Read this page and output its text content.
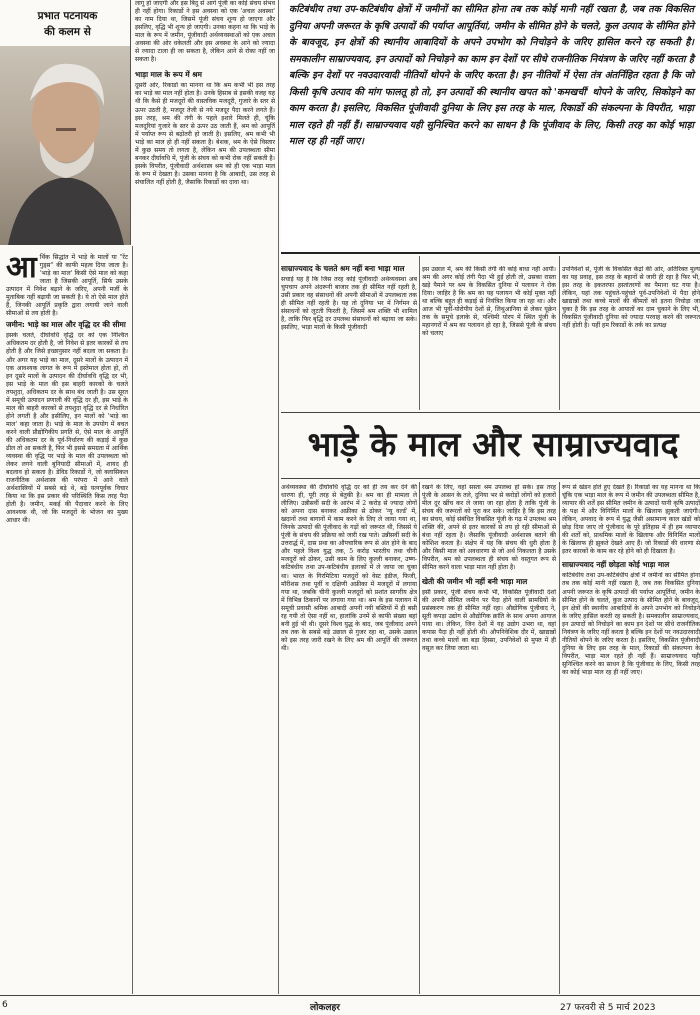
प्रभात पटनायक
की कलम से

आर्थिक सिद्धांत में भाड़े के मालों या "रेंट गुड्स" की काफी महत्व दिया जाता है। 'भाड़े का माल' किसी ऐसे माल को कहा जाता है जिसकी आपूर्ति, सिर्फ उसके उत्पादन में निवेश बढ़ाने के जरिए, अपनी मर्जी के मुताबिक नहीं बढ़ायी जा सकती है। ये तो ऐसे माल होते हैं, जिनकी आपूर्ति प्रकृति द्वारा लगायी जाने वाली सीमाओं से तय होती है।

जमीन: भाड़े का माल और वृद्धि दर की सीमा

इसके चलते, दीर्घावधि वृद्धि दर को एक निश्चित अधिकतम दर होती है, जो निवेश से इतर कारकों से तय होती है और जिसे इच्छानुसार नहीं बदला जा सकता है। और अगर यह भाड़े का माल, दूसरे मालों के उत्पादन में एक आवश्यक लागत के रूप में इस्तेमाल होता हो, तो इन दूसरे मालों के उत्पादन की दीर्घावधि वृद्धि दर भी, इस भाड़े के माल की इस बाहरी कारकों के चलते तयशुदा, अधिकतम दर के साथ बंध जाती है। उस सूरत में समूची उत्पादन प्रणाली की वृद्धि दर ही, इस भाड़े के माल की बाहरी कारकों से तयशुदा वृद्धि दर से निर्धारित होने लगती है और इसीलिए, इन मालों को 'भाड़े का माल' कहा जाता है। भाड़े के माल के उपयोग में बचत करने वाली प्रौद्योगिकीय प्रगति से, ऐसे माल के आपूर्ति की अधिकतम दर के पूर्व-निर्धारण की कड़ाई में कुछ ढील तो आ सकती है, फिर भी इससे समग्रता में आर्थिक व्यवस्था की वृद्धि पर भाड़े के माल की उपलब्धता को लेकर लगने वाली बुनियादी सीमाओं में, शायद ही बदलाव हो सकता है। डेविड रिकार्डो ने, जो क्लासिकल राजनीतिक अर्थशास्त्र की परंपरा में आने वाले अर्थशास्त्रियों में सबसे बड़े थे, बड़े यत्नपूर्वक विचार किया था कि इस प्रकार की परिस्थिति किस तरह पैदा होती है। जमीन, मकई की पैदावार करने के लिए आवश्यक थी, जो कि मजदूरों के भोजन का मुख्य आधार थी।

लागू हो जाएगी और इस बिंदु से आगे पूंजी का कोई संचय संभव ही नहीं होगा। रिकार्डो ने इस अवस्था को एक 'अचल अवस्था' का नाम दिया था, जिसमें पूंजी संचय शून्य हो जाएगा और इसलिए, वृद्धि भी शून्य हो जाएगी। उनका कहना था कि भाड़े के माल के रूप में जमीन, पूंजीवादी अर्थव्यवस्थाओं को एक अचल अवस्था की ओर धकेलती और इस अवस्था के आने को ज्यादा से ज्यादा टाला ही जा सकता है, लेकिन आने से रोका नहीं जा सकता है।

भाड़ा माल के रूप में श्रम

दूसरी ओर, रिकार्डो का मानना था कि श्रम कभी भी इस तरह का भाड़े का माल नहीं होता है। उनके हिसाब से इसकी वजह यह थी कि कैसे ही मजदूरों की वास्तविक मजदूरी, गुजारे के स्तर से ऊपर उठती है, मजदूर तेजी से नये मजदूर पैदा करने लगते हैं। इस तरह, श्रम की तंगी के पहले इशारे मिलते ही, चूंकि मजदूरियां गुजारे के स्तर से ऊपर उठ जाती हैं, श्रम को आपूर्ति में पर्याप्त रूप से बढ़ोतरी हो जाती है। इसलिए, श्रम कभी भी भाड़े का माल हो ही नहीं सकता है। बेशक, श्रम के ऐसे विस्तार में कुछ समय तो लगता है, लेकिन श्रम की उपलब्धता सीमा बनकर दीर्घावधि में, पूंजी के संचय को कभी रोक नहीं सकती है। इसके विपरीत, पूंजीवादी अर्थशास्त्र श्रम को ही एक भाड़ा माल के रूप में देखता है। उसका मानना है कि आबादी, उस तरह से संचालित नहीं होती है, जैसाकि रिकार्डो का दावा था।

कटिबंधीय तथा उप-कटिबंधीय क्षेत्रों में जमीनों का सीमित होना तब तक कोई मानी नहीं रखता है, जब तक विकसित दुनिया अपनी जरूरत के कृषि उत्पादों की पर्याप्त आपूर्तियां, जमीन के सीमित होने के चलते, कुल उत्पाद के सीमित होने के बावजूद, इन क्षेत्रों की स्थानीय आबादियों के अपने उपभोग को निचोड़ने के जरिए हासिल करने रह सकती है। समकालीन साम्राज्यवाद, इन उत्पादों को निचोड़ने का काम इन देशों पर सीधे राजनीतिक नियंत्रण के जरिए नहीं करता है बल्कि इन देशों पर नवउदारवादी नीतियों थोपने के जरिए करता है। इन नीतियों में ऐसा तंत्र अंतर्निहित रहता है कि जो किसी कृषि उत्पाद की मांग फालतू हो तो, इन उत्पादों की स्थानीय खपत को 'कमखर्ची' थोपने के जरिए, सिकोड़ने का काम करता है। इसलिए, विकसित पूंजीवादी दुनिया के लिए इस तरह के माल, रिकार्डो की संकल्पना के विपरीत, भाड़ा माल रहते ही नहीं हैं। साम्राज्यवाद यही सुनिश्चित करने का साधन है कि पूंजीवाद के लिए, किसी तरह का कोई भाड़ा माल रह ही नहीं जाए।

साम्राज्यवाद के चलते श्रम नहीं बना भाड़ा माल

सचाई यह है कि जिस तरह कोई पूंजीवादी अर्थव्यवस्था अब चुपचाप अपने अंदरूनी बाजार तक ही सीमित नहीं रहती है, उसी प्रकार वह संसाधनों की अपनी सीमाओं में उपलब्धता तक ही सीमित नहीं रहती है। यह तो दुनिया भर में निर्गमन से संसाधनों को लूटती फिरती है, जिसमें श्रम शक्ति भी शामिल है, ताकि फिर बृद्धि दर उपलब्ध संसाधनों को बढ़ाया जा सके। इसलिए, भाड़ा मालों के किसी पूंजीवादी

इस उछाल में, श्रम की किसी तंगी की कोई बाधा नहीं आयी। श्रम की अगर कोई तंगी पैदा भी हुई होती तो, उसका रास्ता खड़े पैमाने पर श्रम के विकसित दुनिया में पलायन ने रोक दिया। जाहिर है कि श्रम का यह पलायन भी कोई मुक्त नहीं था बल्कि बहुत ही कड़ाई से नियंत्रित किया जा रहा था। और आज भी पूर्वी-योरोपीय देशों से, लिथुआनिया से लेकर यूक्रेन तक के समूचे इलाके से, पश्चिमी योरप में स्थित पूंजी के महानगरों में श्रम का पलायन हो रहा है, जिससे पूंजी के संचय को चलाए

उपनिवेशों से, पूंजी के विकसित केंद्रों की ओर, अतिरिक्त मूल्य का यह प्रवाह, इस तरह के बहानों से जारी ही रहा है फिर भी, इस तरह के इकतरफा हस्तांतरणों का पैमाना घट गया है। लेकिन, यहां तक पहुंचते-पहुंचते पूर्व-उपनिवेशों में पैदा होने खाद्यान्नों तथा कच्चे मालों की कीमतों को इतना निचोड़ा जा चुका है कि इस तरह के आयातों का दाम चुकाने के लिए भी, विकसित पूंजीवादी दुनिया को ज्यादा परवाह करने की जरूरत नहीं होती है। यहीं हम रिकार्डो के तर्क का प्रत्यक्ष

भाड़े के माल और साम्राज्यवाद

अर्थव्यवस्था की दीर्घावधि वृद्धि दर को ही तय कर देने की धारणा ही, पूरी तरह से बेतुकी है। श्रम का ही मामला ले लीजिए। उन्नीसवीं सदी के आरंभ में 2 करोड़ से ज्यादा लोगों को अपना दास बनाकर अफ्रीका से ढोकर 'न्यू वर्ल्ड' में, खदानों तथा बागानों में काम करने के लिए ले जाया गया था, जिनके उत्पादों की पूंजीवाद के गढ़ों को जरूरत थी, जिससे ये पूंजी के संचय की प्रक्रिया को जारी रख पाते। उन्नीसवीं सदी के उत्तरार्द्ध में, दास प्रथा का औपचारिक रूप से अंत होने के बाद और पहले विश्व युद्ध तक, 5 करोड़ भारतीय तथा चीनी मजदूरों को ढोकर, उसी काम के लिए कुल्ली बनाकर, उष्ण-कटिबंधीय तथा उप-कटिबंधीय इलाकों में ले जाया जा चुका था। भारत के गिरमिटिया मजदूरों को वेस्ट इंडीज, फिजी, मॉरीशस तथा पूर्वी व दक्षिणी अफ्रीका में मजदूरों में लगाया गया था, जबकि चीनी कुल्ली मजदूरों को प्रशांत सागरीय क्षेत्र में विभिन्न ठिकानों पर लगाया गया था। श्रम के इस पलायन में समूची प्रवासी श्रमिक आबादी अपनी नयी बस्तियों में ही बसी रह गयी तो ऐसा नहीं था, हालांकि उनमें से काफी संख्या बहां बनी हुई भी थी। दूसरे विश्व युद्ध के बाद, जब पूंजीवाद अपने तब तक के सबसे बड़े उछाल से गुजर रहा था, उसके उछाल को इस तरह जारी रखने के लिए श्रम की आपूर्ति की जरूरत थी।

रखने के लिए, वहां सस्ता श्रम उपलब्ध हो सके। इस तरह पूंजी के आसन के तले, दुनिया भर से करोड़ों लोगों को हजारों मील दूर खींच कर ले जाया जा रहा होता है ताकि पूंजी के संचय की जरूरतों को पूरा कर सके। जाहिर है कि इस तरह का संचय, कोई संबंधित विकसित पूंजी के गढ़ में उपलब्ध श्रम शक्ति की, अपने से इतर कारकों से तय हो रही सीमाओं से बंधा नहीं रहता है। जैसाकि पूंजीवादी अर्थशास्त्र बताने की कोशिश करता है। संक्षेप में यह कि संचय की धुरी होता है और किसी माल को अवधारणा से जो अर्थ निकलता है उसके विपरीत, श्रम को उपलब्धता ही संचय को वस्तुगत रूप से सीमित करने वाला भाड़ा माल नहीं होता है।

खेती की जमीन भी नहीं बनी भाड़ा माल

इसी प्रकार, पूंजी संचय कभी भी, विकसित पूंजीवादी देशों की अपनी सीमित जमीन पर पैदा होने वाली सामग्रियों के प्रसंस्करण तक ही सीमित नहीं रहा। औद्योगिक पूंजीवाद ने, सूती कपड़ा उद्योग से औद्योगिक क्रांति के साथ अपना आगाज पाया था। लेकिन, जिन देशों में यह उद्योग उभरा था, वहां कपास पैदा ही नहीं होती थी। औपनिवेशिक दौर में, खाद्यान्नों तथा कच्चे मालों का बड़ा हिस्सा, उपनिवेशों से मुफ्त में ही वसूल कर लिया जाता था।

रूप से खंडन होते हुए देखते हैं। रिकार्डो का यह मानना था कि चूंकि एक भाड़ा माल के रूप में जमीन की उपलब्धता सीमित है, व्यापार की शर्तें इस सीमित जमीन के उत्पादों यानी कृषि उत्पादों के पक्ष में और विनिर्मित मालों के खिलाफ झुकती जाएंगी। लेकिन, अपवाद के रूप में युद्ध जैसी असामान्य काल खंडों को छोड़ दिया जाए तो पूंजीवाद के पूरे इतिहास में ही हम व्यापार की शर्तों को, प्राथमिक मालों के खिलाफ और विनिर्मित मालों के खिलाफ ही झुकते देखते आए हैं। जो रिकार्डो की धारणा से इतर कारकों के काम कर रहे होने को ही दिखाता है।

साम्राज्यवाद नहीं छोड़ता कोई भाड़ा माल

कटिबंधीय तथा उप-कटिबंधीय क्षेत्रों में जमीनों का सीमित होना तब तक कोई मानी नहीं रखता है, जब तक विकसित दुनिया अपनी जरूरत के कृषि उत्पादों की पर्याप्त आपूर्तियां, जमीन के सीमित होने के चलते, कुल उत्पाद के सीमित होने के बावजूद, इन क्षेत्रों की स्थानीय आबादियों के अपने उपभोग को निचोड़ने के जरिए हासिल करती रह सकती है। समकालीन साम्राज्यवाद, इन उत्पादों को निचोड़ने का काम इन देशों पर सीधे राजनीतिक नियंत्रण के जरिए नहीं करता है बल्कि इन देशों पर नवउदारवादी नीतियों थोपने के जरिए करता है। इसलिए, विकसित पूंजीवादी दुनिया के लिए इस तरह के माल, रिकार्डो की संकल्पना के विपरीत, भाड़ा माल रहते ही नहीं हैं। साम्राज्यवाद यही सुनिश्चित करने का साधन है कि पूंजीवाद के लिए, किसी तरह का कोई भाड़ा माल रह ही नहीं जाए।

6	लोकलहर	27 फरवरी से 5 मार्च 2023
